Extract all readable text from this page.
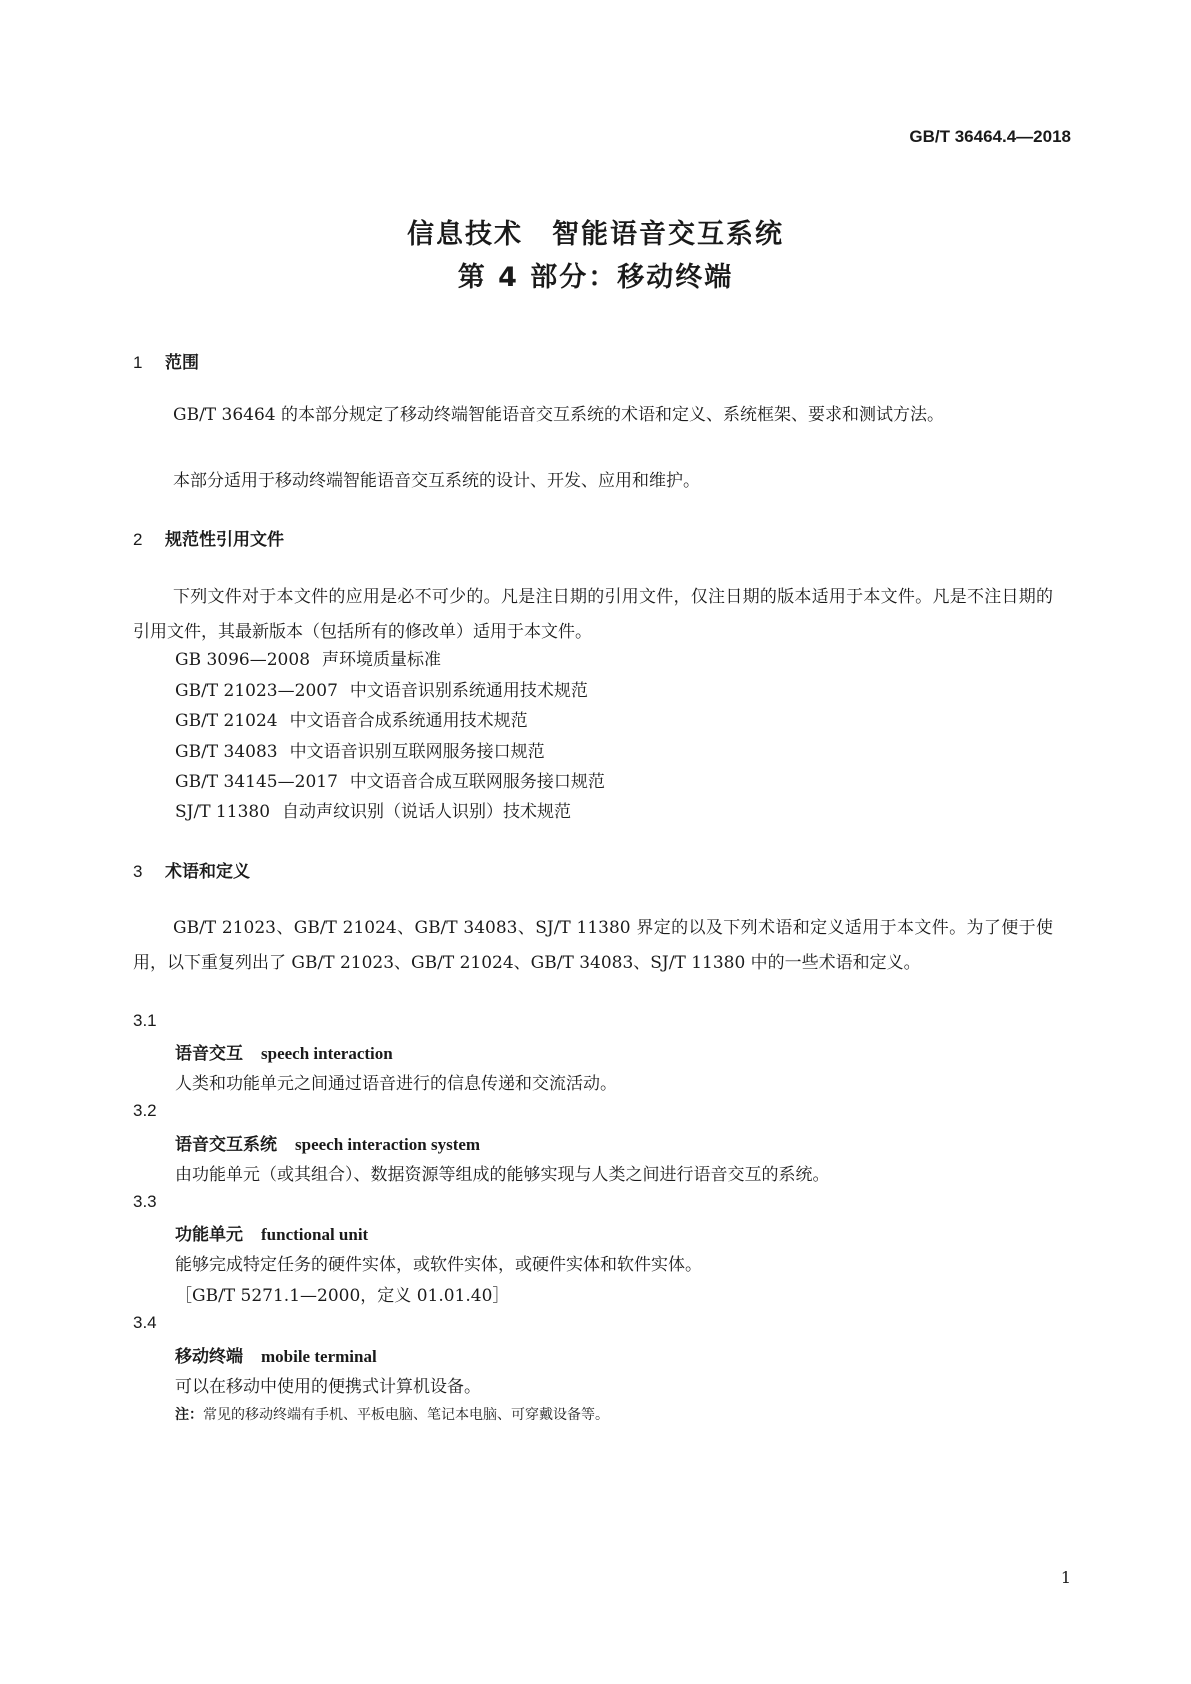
GB/T 36464.4—2018
信息技术　智能语音交互系统
第 4 部分：移动终端
1 范围
GB/T 36464 的本部分规定了移动终端智能语音交互系统的术语和定义、系统框架、要求和测试方法。
本部分适用于移动终端智能语音交互系统的设计、开发、应用和维护。
2 规范性引用文件
下列文件对于本文件的应用是必不可少的。凡是注日期的引用文件，仅注日期的版本适用于本文件。凡是不注日期的引用文件，其最新版本（包括所有的修改单）适用于本文件。
GB 3096—2008 声环境质量标准
GB/T 21023—2007 中文语音识别系统通用技术规范
GB/T 21024 中文语音合成系统通用技术规范
GB/T 34083 中文语音识别互联网服务接口规范
GB/T 34145—2017 中文语音合成互联网服务接口规范
SJ/T 11380 自动声纹识别（说话人识别）技术规范
3 术语和定义
GB/T 21023、GB/T 21024、GB/T 34083、SJ/T 11380 界定的以及下列术语和定义适用于本文件。为了便于使用，以下重复列出了 GB/T 21023、GB/T 21024、GB/T 34083、SJ/T 11380 中的一些术语和定义。
3.1
语音交互 speech interaction
人类和功能单元之间通过语音进行的信息传递和交流活动。
3.2
语音交互系统 speech interaction system
由功能单元（或其组合）、数据资源等组成的能够实现与人类之间进行语音交互的系统。
3.3
功能单元 functional unit
能够完成特定任务的硬件实体，或软件实体，或硬件实体和软件实体。
［GB/T 5271.1—2000，定义 01.01.40］
3.4
移动终端 mobile terminal
可以在移动中使用的便携式计算机设备。
注：常见的移动终端有手机、平板电脑、笔记本电脑、可穿戴设备等。
1
